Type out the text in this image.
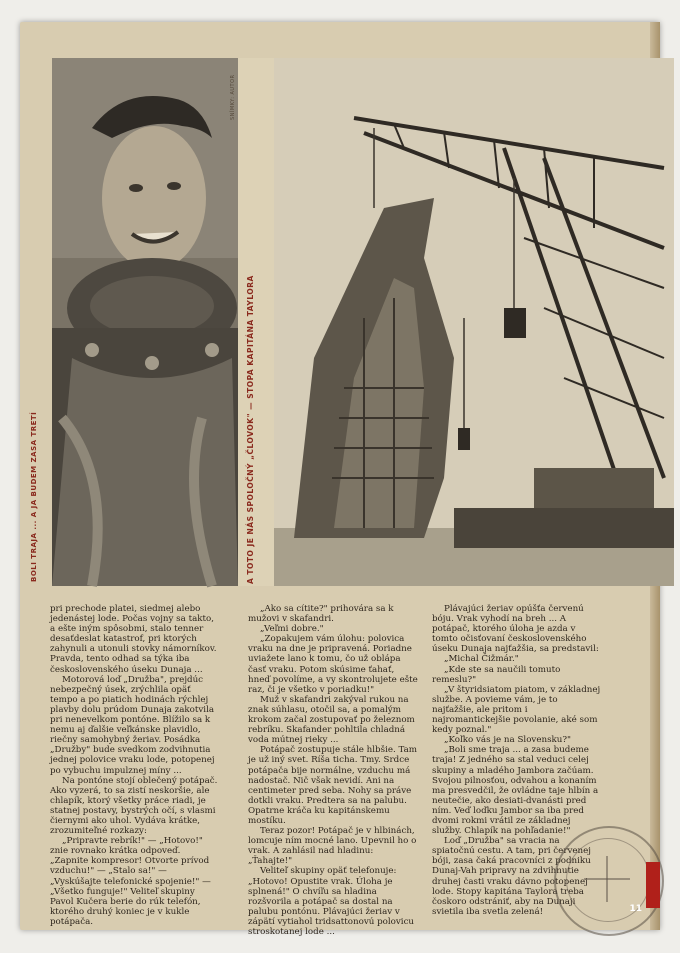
BOLI TRAJA ... A JA BUDEM ZASA TRETÍ	A TOTO JE NÁS SPOLOČNÝ „ČLOVOK" — STOPA KAPITÁNA TAYLORA
SNÍMKY: AUTOR

pri prechode platei, siedmej alebo jedenástej lode. Počas vojny sa takto, a ešte iným spôsobmi, stalo tenner desaťdeslat katastrof, pri ktorých zahynuli a utonuli stovky námorníkov. Pravda, tento odhad sa týka iba československého úseku Dunaja ...

Motorová loď „Družba", prejdúc nebezpečný úsek, zrýchlila opäť tempo a po piatich hodinách rýchlej plavby dolu prúdom Dunaja zakotvila pri nenevelkom pontóne. Blížilo sa k nemu aj ďalšie veľkánske plavidlo, riečny samohybný žeriav. Posádka „Družby" bude svedkom zodvihnutia jednej polovice vraku lode, potopenej po vybuchu impulznej míny ...

Na pontóne stojí oblečený potápač. Ako vyzerá, to sa zistí neskoršie, ale chlapík, ktorý všetky práce riadi, je statnej postavy, bystrých očí, s vlasmi čiernymi ako uhol. Vydáva krátke, zrozumiteľné rozkazy:

„Pripravte rebrík!" — „Hotovo!" znie rovnako krátka odpoveď. „Zapnite kompresor! Otvorte prívod vzduchu!" — „Stalo sa!" — „Vyskúšajte telefonické spojenie!" — „Všetko funguje!" Veliteľ skupiny Pavol Kučera berie do rúk telefón, ktorého druhý koniec je v kukle potápača.

„Ako sa cítite?" prihovára sa k mužovi v skafandri.

„Veľmi dobre."

„Zopakujem vám úlohu: polovica vraku na dne je pripravená. Poriadne uviažete lano k tomu, čo už oblápa časť vraku. Potom skúsime ťahať, hneď povolíme, a vy skontrolujete ešte raz, či je všetko v poriadku!"

Muž v skafandri zakýval rukou na znak súhlasu, otočil sa, a pomalým krokom začal zostupovať po železnom rebríku. Skafander pohltila chladná voda mútnej rieky ...

Potápač zostupuje stále hlbšie. Tam je už iný svet. Ríša ticha. Tmy. Srdce potápača bije normálne, vzduchu má nadostač. Nič však nevidí. Ani na centimeter pred seba. Nohy sa práve dotkli vraku. Predtera sa na palubu. Opatrne kráča ku kapitánskemu mostíku.

Teraz pozor! Potápač je v hlbinách, lomcuje ním mocné lano. Upevnil ho o vrak. A zahlásil nad hladinu: „Ťahajte!"

Veliteľ skupiny opäť telefonuje: „Hotovo! Opustite vrak. Úloha je splnená!" O chvíľu sa hladina rozšvorila a potápač sa dostal na palubu pontónu. Plávajúci žeriav v zápätí vytiahol tridsattonovú polovicu stroskotanej lode ...

Plávajúci žeriav opúšťa červenú bóju. Vrak vyhodí na breh ... A potápač, ktorého úloha je azda v tomto očisťovaní československého úseku Dunaja najťažšia, sa predstavil:

„Michal Čižmár."

„Kde ste sa naučili tomuto remeslu?"

„V štyridsiatom piatom, v základnej službe. A povieme vám, je to najťažšie, ale pritom i najromantickejšie povolanie, aké som kedy poznal."

„Koľko vás je na Slovensku?"

„Boli sme traja ... a zasa budeme traja! Z jedného sa stal veduci celej skupiny a mladého Jambora začúam. Svojou pilnosťou, odvahou a konaním ma presvedčil, že ovládne taje hlbín a neutečie, ako desiati-dvanásti pred ním. Veď loďku Jambor sa iba pred dvomi rokmi vrátil ze základnej služby. Chlapík na pohľadanie!"

Loď „Družba" sa vracia na spiatočnú cestu. A tam, pri červenej bóji, zasa čaká pracovníci z podniku Dunaj-Vah pripravy na zdvihnutie druhej časti vraku dávno potopenej lode. Stopy kapitána Taylora treba čoskoro odstrániť, aby na Dunaji svietila iba svetla zelená!	11
